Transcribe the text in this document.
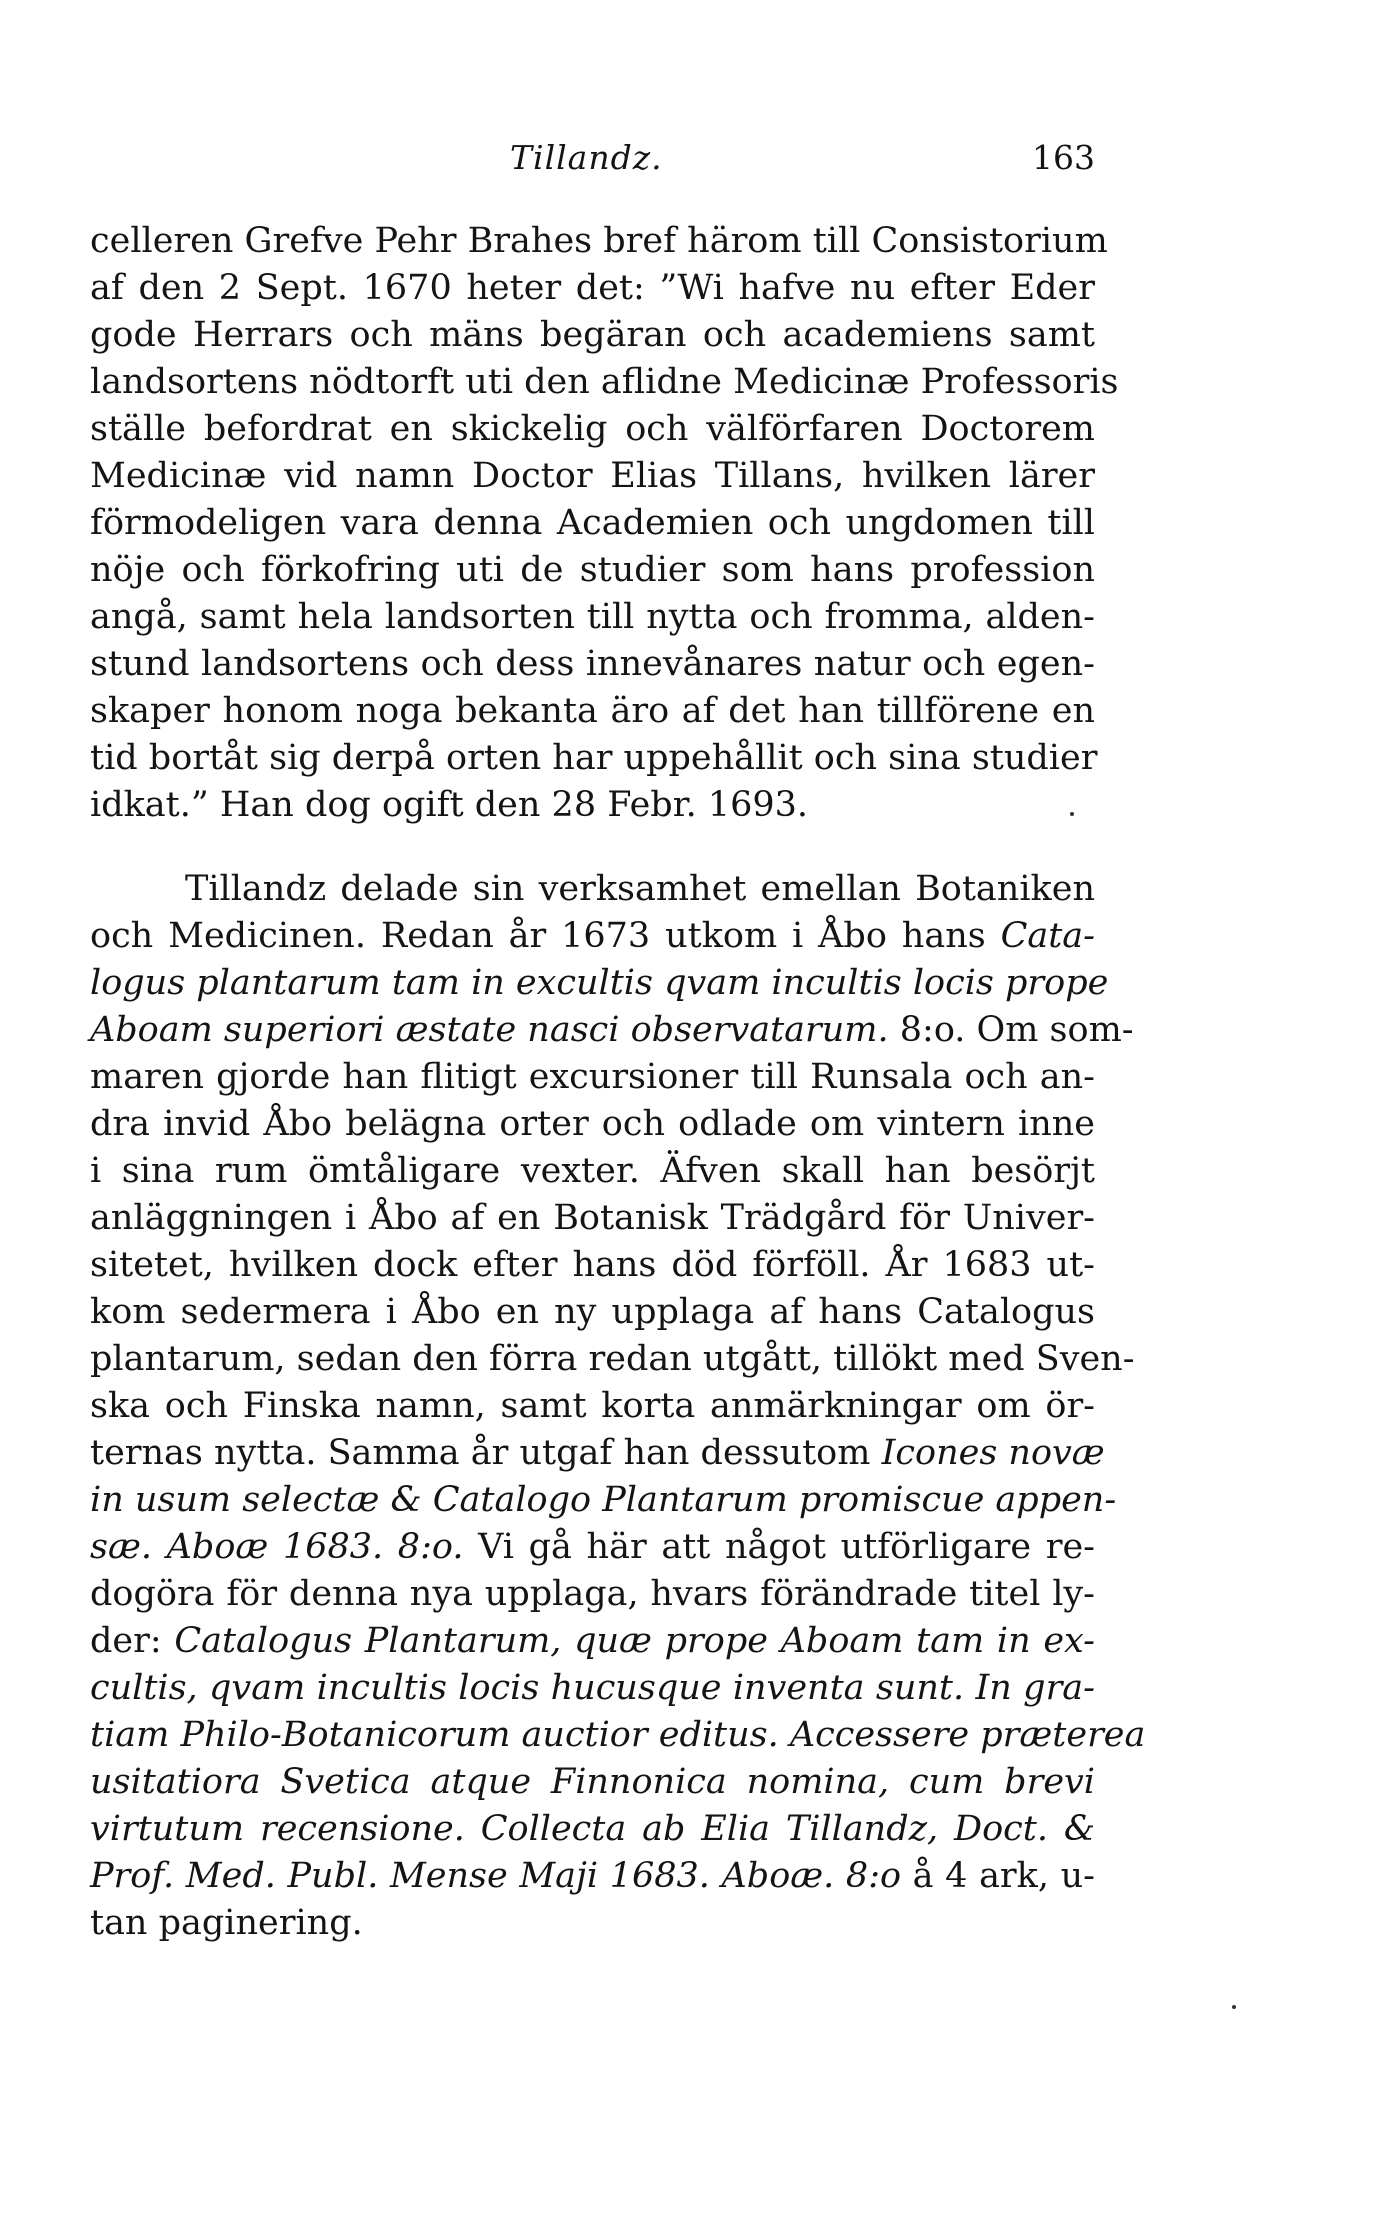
Tillandz.	163
celleren Grefve Pehr Brahes bref härom till Consistorium
af den 2 Sept. 1670 heter det: ”Wi hafve nu efter Eder
gode Herrars och mäns begäran och academiens samt
landsortens nödtorft uti den aflidne Medicinæ Professoris
ställe befordrat en skickelig och välförfaren Doctorem
Medicinæ vid namn Doctor Elias Tillans, hvilken lärer
förmodeligen vara denna Academien och ungdomen till
nöje och förkofring uti de studier som hans profession
angå, samt hela landsorten till nytta och fromma, alden-
stund landsortens och dess innevånares natur och egen-
skaper honom noga bekanta äro af det han tillförene en
tid bortåt sig derpå orten har uppehållit och sina studier
idkat.” Han dog ogift den 28 Febr. 1693.
Tillandz delade sin verksamhet emellan Botaniken
och Medicinen. Redan år 1673 utkom i Åbo hans Cata-
logus plantarum tam in excultis qvam incultis locis prope
Aboam superiori æstate nasci observatarum. 8:o. Om som-
maren gjorde han flitigt excursioner till Runsala och an-
dra invid Åbo belägna orter och odlade om vintern inne
i sina rum ömtåligare vexter. Äfven skall han besörjt
anläggningen i Åbo af en Botanisk Trädgård för Univer-
sitetet, hvilken dock efter hans död förföll. År 1683 ut-
kom sedermera i Åbo en ny upplaga af hans Catalogus
plantarum, sedan den förra redan utgått, tillökt med Sven-
ska och Finska namn, samt korta anmärkningar om ör-
ternas nytta. Samma år utgaf han dessutom Icones novæ
in usum selectæ & Catalogo Plantarum promiscue appen-
sæ. Aboæ 1683. 8:o. Vi gå här att något utförligare re-
dogöra för denna nya upplaga, hvars förändrade titel ly-
der: Catalogus Plantarum, quæ prope Aboam tam in ex-
cultis, qvam incultis locis hucusque inventa sunt. In gra-
tiam Philo-Botanicorum auctior editus. Accessere præterea
usitatiora Svetica atque Finnonica nomina, cum brevi
virtutum recensione. Collecta ab Elia Tillandz, Doct. &
Prof. Med. Publ. Mense Maji 1683. Aboæ. 8:o å 4 ark, u-
tan paginering.
